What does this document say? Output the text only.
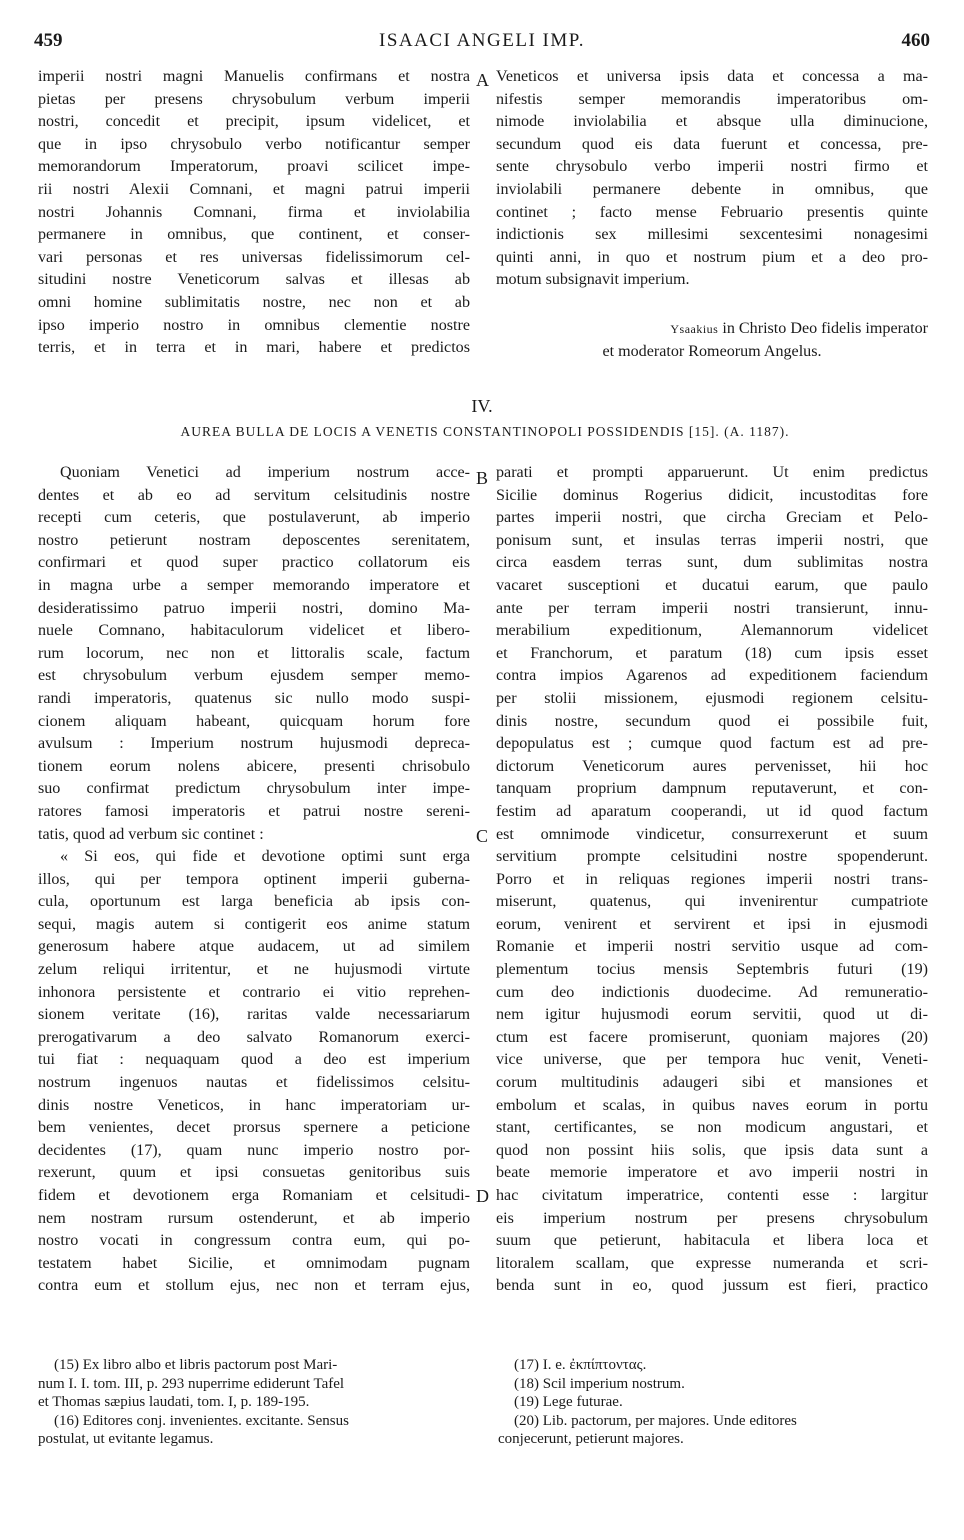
459	ISAACI ANGELI IMP.	460
imperii nostri magni Manuelis confirmans et nostra
pietas per presens chrysobulum verbum imperii
nostri, concedit et precipit, ipsum videlicet, et
que in ipso chrysobulo verbo notificantur semper
memorandorum Imperatorum, proavi scilicet impe-
rii nostri Alexii Comnani, et magni patrui imperii
nostri Johannis Comnani, firma et inviolabilia
permanere in omnibus, que continent, et conser-
vari personas et res universas fidelissimorum cel-
situdini nostre Veneticorum salvas et illesas ab
omni homine sublimitatis nostre, nec non et ab
ipso imperio nostro in omnibus clementie nostre
terris, et in terra et in mari, habere et predictos
Veneticos et universa ipsis data et concessa a ma-
nifestis semper memorandis imperatoribus om-
nimode inviolabilia et absque ulla diminucione,
secundum quod eis data fuerunt et concessa, pre-
sente chrysobulo verbo imperii nostri firmo et
inviolabili permanere debente in omnibus, que
continet ; facto mense Februario presentis quinte
indictionis sex millesimi sexcentesimi nonagesimi
quinti anni, in quo et nostrum pium et a deo pro-
motum subsignavit imperium.
Ysaakius in Christo Deo fidelis imperator
et moderator Romeorum Angelus.
IV.
AUREA BULLA DE LOCIS A VENETIS CONSTANTINOPOLI POSSIDENDIS [15]. (A. 1187).
Quoniam Venetici ad imperium nostrum acce-
dentes et ab eo ad servitum celsitudinis nostre
recepti cum ceteris, que postulaverunt, ab imperio
nostro petierunt nostram deposcentes serenitatem,
confirmari et quod super practico collatorum eis
in magna urbe a semper memorando imperatore et
desideratissimo patruo imperii nostri, domino Ma-
nuele Comnano, habitaculorum videlicet et libero-
rum locorum, nec non et littoralis scale, factum
est chrysobulum verbum ejusdem semper memo-
randi imperatoris, quatenus sic nullo modo suspi-
cionem aliquam habeant, quicquam horum fore
avulsum : Imperium nostrum hujusmodi depreca-
tionem eorum nolens abicere, presenti chrisobulo
suo confirmat predictum chrysobulum inter impe-
ratores famosi imperatoris et patrui nostre sereni-
tatis, quod ad verbum sic continet :
« Si eos, qui fide et devotione optimi sunt erga
illos, qui per tempora optinent imperii guberna-
cula, oportunum est larga beneficia ab ipsis con-
sequi, magis autem si contigerit eos anime statum
generosum habere atque audacem, ut ad similem
zelum reliqui irritentur, et ne hujusmodi virtute
inhonora persistente et contrario ei vitio reprehen-
sionem veritate (16), raritas valde necessariarum
prerogativarum a deo salvato Romanorum exerci-
tui fiat : nequaquam quod a deo est imperium
nostrum ingenuos nautas et fidelissimos celsitu-
dinis nostre Veneticos, in hanc imperatoriam ur-
bem venientes, decet prorsus spernere a peticione
decidentes (17), quam nunc imperio nostro por-
rexerunt, quum et ipsi consuetas genitoribus suis
fidem et devotionem erga Romaniam et celsitudi-
nem nostram rursum ostenderunt, et ab imperio
nostro vocati in congressum contra eum, qui po-
testatem habet Sicilie, et omnimodam pugnam
contra eum et stollum ejus, nec non et terram ejus,
parati et prompti apparuerunt. Ut enim predictus
Sicilie dominus Rogerius didicit, incustoditas fore
partes imperii nostri, que circha Greciam et Pelo-
ponisum sunt, et insulas terras imperii nostri, que
circa easdem terras sunt, dum sublimitas nostra
vacaret susceptioni et ducatui earum, que paulo
ante per terram imperii nostri transierunt, innu-
merabilium expeditionum, Alemannorum videlicet
et Franchorum, et paratum (18) cum ipsis esset
contra impios Agarenos ad expeditionem faciendum
per stolii missionem, ejusmodi regionem celsitu-
dinis nostre, secundum quod ei possibile fuit,
depopulatus est ; cumque quod factum est ad pre-
dictorum Veneticorum aures pervenisset, hii hoc
tanquam proprium dampnum reputaverunt, et con-
festim ad aparatum cooperandi, ut id quod factum
est omnimode vindicetur, consurrexerunt et suum
servitium prompte celsitudini nostre spopenderunt.
Porro et in reliquas regiones imperii nostri trans-
miserunt, quatenus, qui invenirentur cumpatriote
eorum, venirent et servirent et ipsi in ejusmodi
Romanie et imperii nostri servitio usque ad com-
plementum tocius mensis Septembris futuri (19)
cum deo indictionis duodecime. Ad remuneratio-
nem igitur hujusmodi eorum servitii, quod ut di-
ctum est facere promiserunt, quoniam majores (20)
vice universe, que per tempora huc venit, Veneti-
corum multitudinis adaugeri sibi et mansiones et
embolum et scalas, in quibus naves eorum in portu
stant, certificantes, se non modicum angustari, et
quod non possint hiis solis, que ipsis data sunt a
beate memorie imperatore et avo imperii nostri in
hac civitatum imperatrice, contenti esse : largitur
eis imperium nostrum per presens chrysobulum
suum que petierunt, habitacula et libera loca et
litoralem scallam, que expresse numeranda et scri-
benda sunt in eo, quod jussum est fieri, practico
A
B
C
D
(15) Ex libro albo et libris pactorum post Mari-
num I. I. tom. III, p. 293 nuperrime ediderunt Tafel
et Thomas sæpius laudati, tom. I, p. 189-195.
(16) Editores conj. invenientes. excitante. Sensus
postulat, ut evitante legamus.
(17) I. e. ἐκπίπτοντας.
(18) Scil imperium nostrum.
(19) Lege futurae.
(20) Lib. pactorum, per majores. Unde editores
conjecerunt, petierunt majores.
